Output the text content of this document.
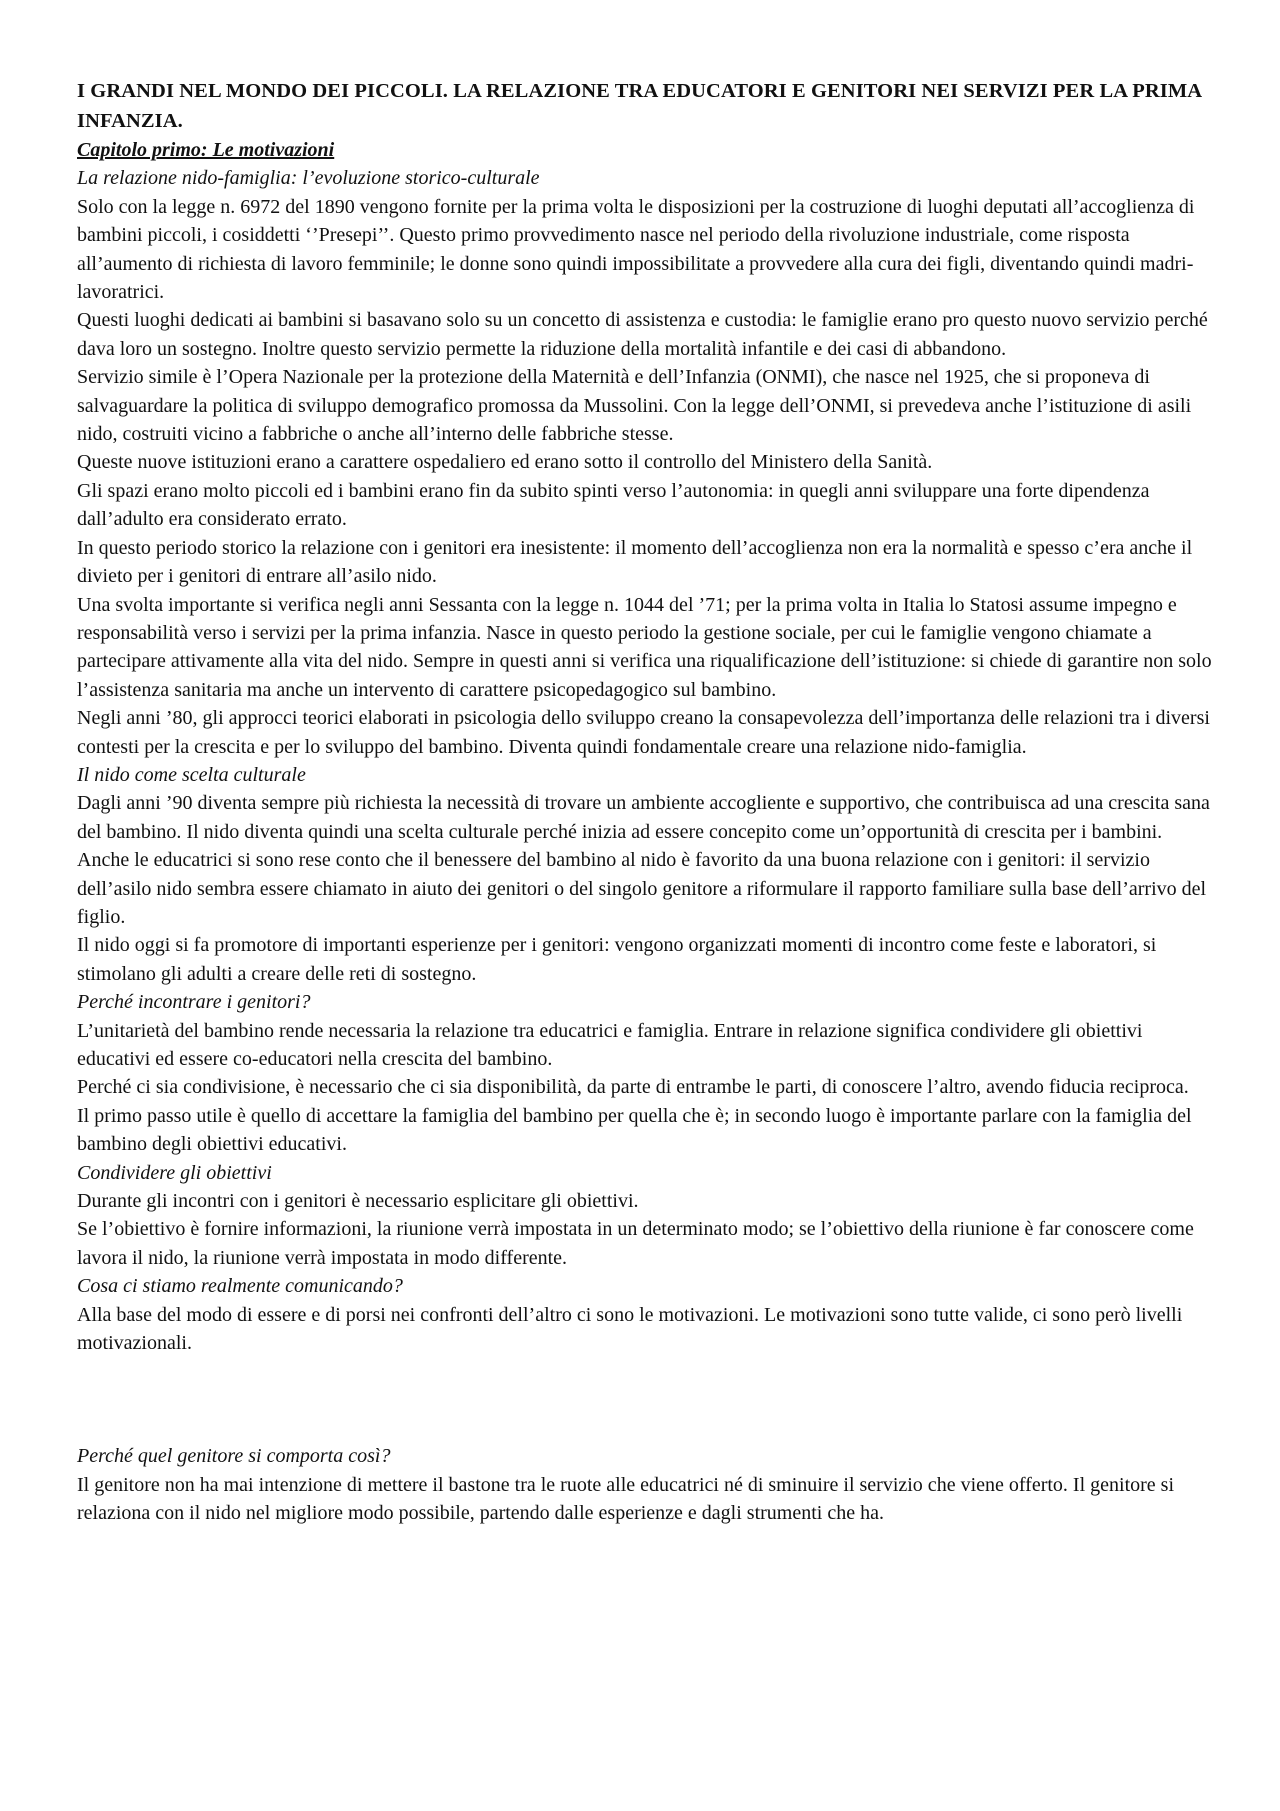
I GRANDI NEL MONDO DEI PICCOLI. LA RELAZIONE TRA EDUCATORI E GENITORI NEI SERVIZI PER LA PRIMA INFANZIA.

Capitolo primo: Le motivazioni

La relazione nido-famiglia: l’evoluzione storico-culturale

Solo con la legge n. 6972 del 1890 vengono fornite per la prima volta le disposizioni per la costruzione di luoghi deputati all’accoglienza di bambini piccoli, i cosiddetti ‘’Presepi’’. Questo primo provvedimento nasce nel periodo della rivoluzione industriale, come risposta all’aumento di richiesta di lavoro femminile; le donne sono quindi impossibilitate a provvedere alla cura dei figli, diventando quindi madri-lavoratrici.

Questi luoghi dedicati ai bambini si basavano solo su un concetto di assistenza e custodia: le famiglie erano pro questo nuovo servizio perché dava loro un sostegno. Inoltre questo servizio permette la riduzione della mortalità infantile e dei casi di abbandono.

Servizio simile è l’Opera Nazionale per la protezione della Maternità e dell’Infanzia (ONMI), che nasce nel 1925, che si proponeva di salvaguardare la politica di sviluppo demografico promossa da Mussolini. Con la legge dell’ONMI, si prevedeva anche l’istituzione di asili nido, costruiti vicino a fabbriche o anche all’interno delle fabbriche stesse.

Queste nuove istituzioni erano a carattere ospedaliero ed erano sotto il controllo del Ministero della Sanità.

Gli spazi erano molto piccoli ed i bambini erano fin da subito spinti verso l’autonomia: in quegli anni sviluppare una forte dipendenza dall’adulto era considerato errato.

In questo periodo storico la relazione con i genitori era inesistente: il momento dell’accoglienza non era la normalità e spesso c’era anche il divieto per i genitori di entrare all’asilo nido.

Una svolta importante si verifica negli anni Sessanta con la legge n. 1044 del ’71; per la prima volta in Italia lo Statosi assume impegno e responsabilità verso i servizi per la prima infanzia. Nasce in questo periodo la gestione sociale, per cui le famiglie vengono chiamate a partecipare attivamente alla vita del nido. Sempre in questi anni si verifica una riqualificazione dell’istituzione: si chiede di garantire non solo l’assistenza sanitaria ma anche un intervento di carattere psicopedagogico sul bambino.

Negli anni ’80, gli approcci teorici elaborati in psicologia dello sviluppo creano la consapevolezza dell’importanza delle relazioni tra i diversi contesti per la crescita e per lo sviluppo del bambino. Diventa quindi fondamentale creare una relazione nido-famiglia.

Il nido come scelta culturale

Dagli anni ’90 diventa sempre più richiesta la necessità di trovare un ambiente accogliente e supportivo, che contribuisca ad una crescita sana del bambino. Il nido diventa quindi una scelta culturale perché inizia ad essere concepito come un’opportunità di crescita per i bambini.

Anche le educatrici si sono rese conto che il benessere del bambino al nido è favorito da una buona relazione con i genitori: il servizio dell’asilo nido sembra essere chiamato in aiuto dei genitori o del singolo genitore a riformulare il rapporto familiare sulla base dell’arrivo del figlio.

Il nido oggi si fa promotore di importanti esperienze per i genitori: vengono organizzati momenti di incontro come feste e laboratori, si stimolano gli adulti a creare delle reti di sostegno.

Perché incontrare i genitori?

L’unitarietà del bambino rende necessaria la relazione tra educatrici e famiglia. Entrare in relazione significa condividere gli obiettivi educativi ed essere co-educatori nella crescita del bambino.

Perché ci sia condivisione, è necessario che ci sia disponibilità, da parte di entrambe le parti, di conoscere l’altro, avendo fiducia reciproca.

Il primo passo utile è quello di accettare la famiglia del bambino per quella che è; in secondo luogo è importante parlare con la famiglia del bambino degli obiettivi educativi.

Condividere gli obiettivi

Durante gli incontri con i genitori è necessario esplicitare gli obiettivi.

Se l’obiettivo è fornire informazioni, la riunione verrà impostata in un determinato modo; se l’obiettivo della riunione è far conoscere come lavora il nido, la riunione verrà impostata in modo differente.

Cosa ci stiamo realmente comunicando?

Alla base del modo di essere e di porsi nei confronti dell’altro ci sono le motivazioni. Le motivazioni sono tutte valide, ci sono però livelli motivazionali.

Perché quel genitore si comporta così?

Il genitore non ha mai intenzione di mettere il bastone tra le ruote alle educatrici né di sminuire il servizio che viene offerto. Il genitore si relaziona con il nido nel migliore modo possibile, partendo dalle esperienze e dagli strumenti che ha.
